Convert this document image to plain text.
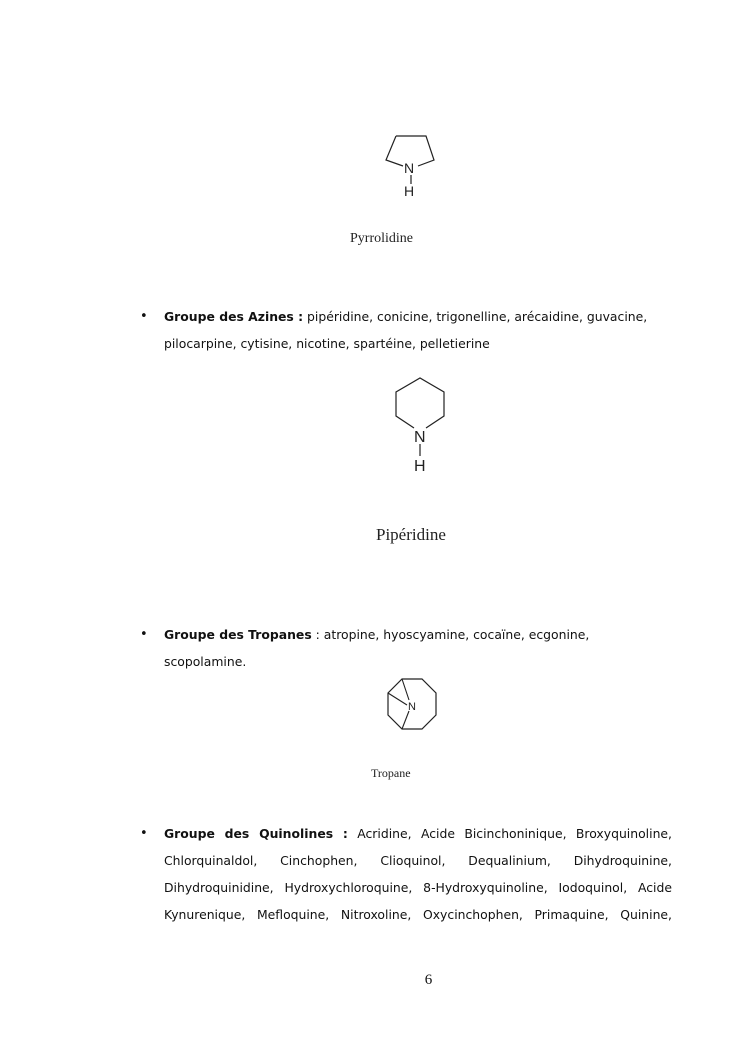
N
H
Pyrrolidine
• Groupe des Azines : pipéridine, conicine, trigonelline, arécaidine, guvacine, pilocarpine, cytisine, nicotine, spartéine, pelletierine
N
H
Pipéridine
• Groupe des Tropanes : atropine, hyoscyamine, cocaïne, ecgonine, scopolamine.
N
Tropane
• Groupe des Quinolines : Acridine, Acide Bicinchoninique, Broxyquinoline,
Chlorquinaldol, Cinchophen, Clioquinol, Dequalinium, Dihydroquinine,
Dihydroquinidine, Hydroxychloroquine, 8-Hydroxyquinoline, Iodoquinol, Acide
Kynurenique, Mefloquine, Nitroxoline, Oxycinchophen, Primaquine, Quinine,
6
